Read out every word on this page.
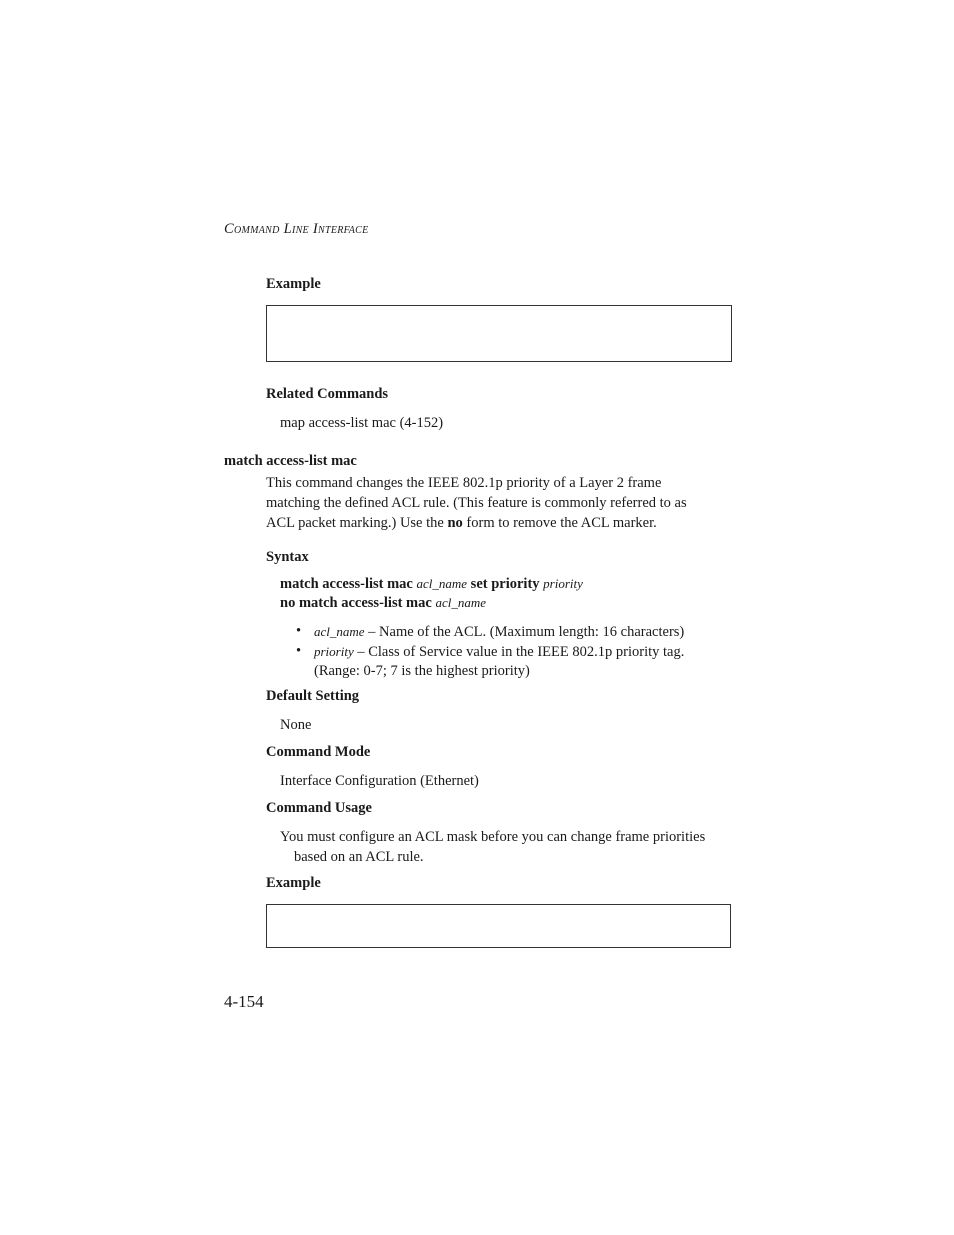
Command Line Interface
Example
Related Commands
map access-list mac (4-152)
match access-list mac
This command changes the IEEE 802.1p priority of a Layer 2 frame
matching the defined ACL rule. (This feature is commonly referred to as
ACL packet marking.) Use the no form to remove the ACL marker.
Syntax
match access-list mac acl_name set priority priority
no match access-list mac acl_name
• acl_name – Name of the ACL. (Maximum length: 16 characters)
• priority – Class of Service value in the IEEE 802.1p priority tag.
(Range: 0-7; 7 is the highest priority)
Default Setting
None
Command Mode
Interface Configuration (Ethernet)
Command Usage
You must configure an ACL mask before you can change frame priorities
based on an ACL rule.
Example
4-154
